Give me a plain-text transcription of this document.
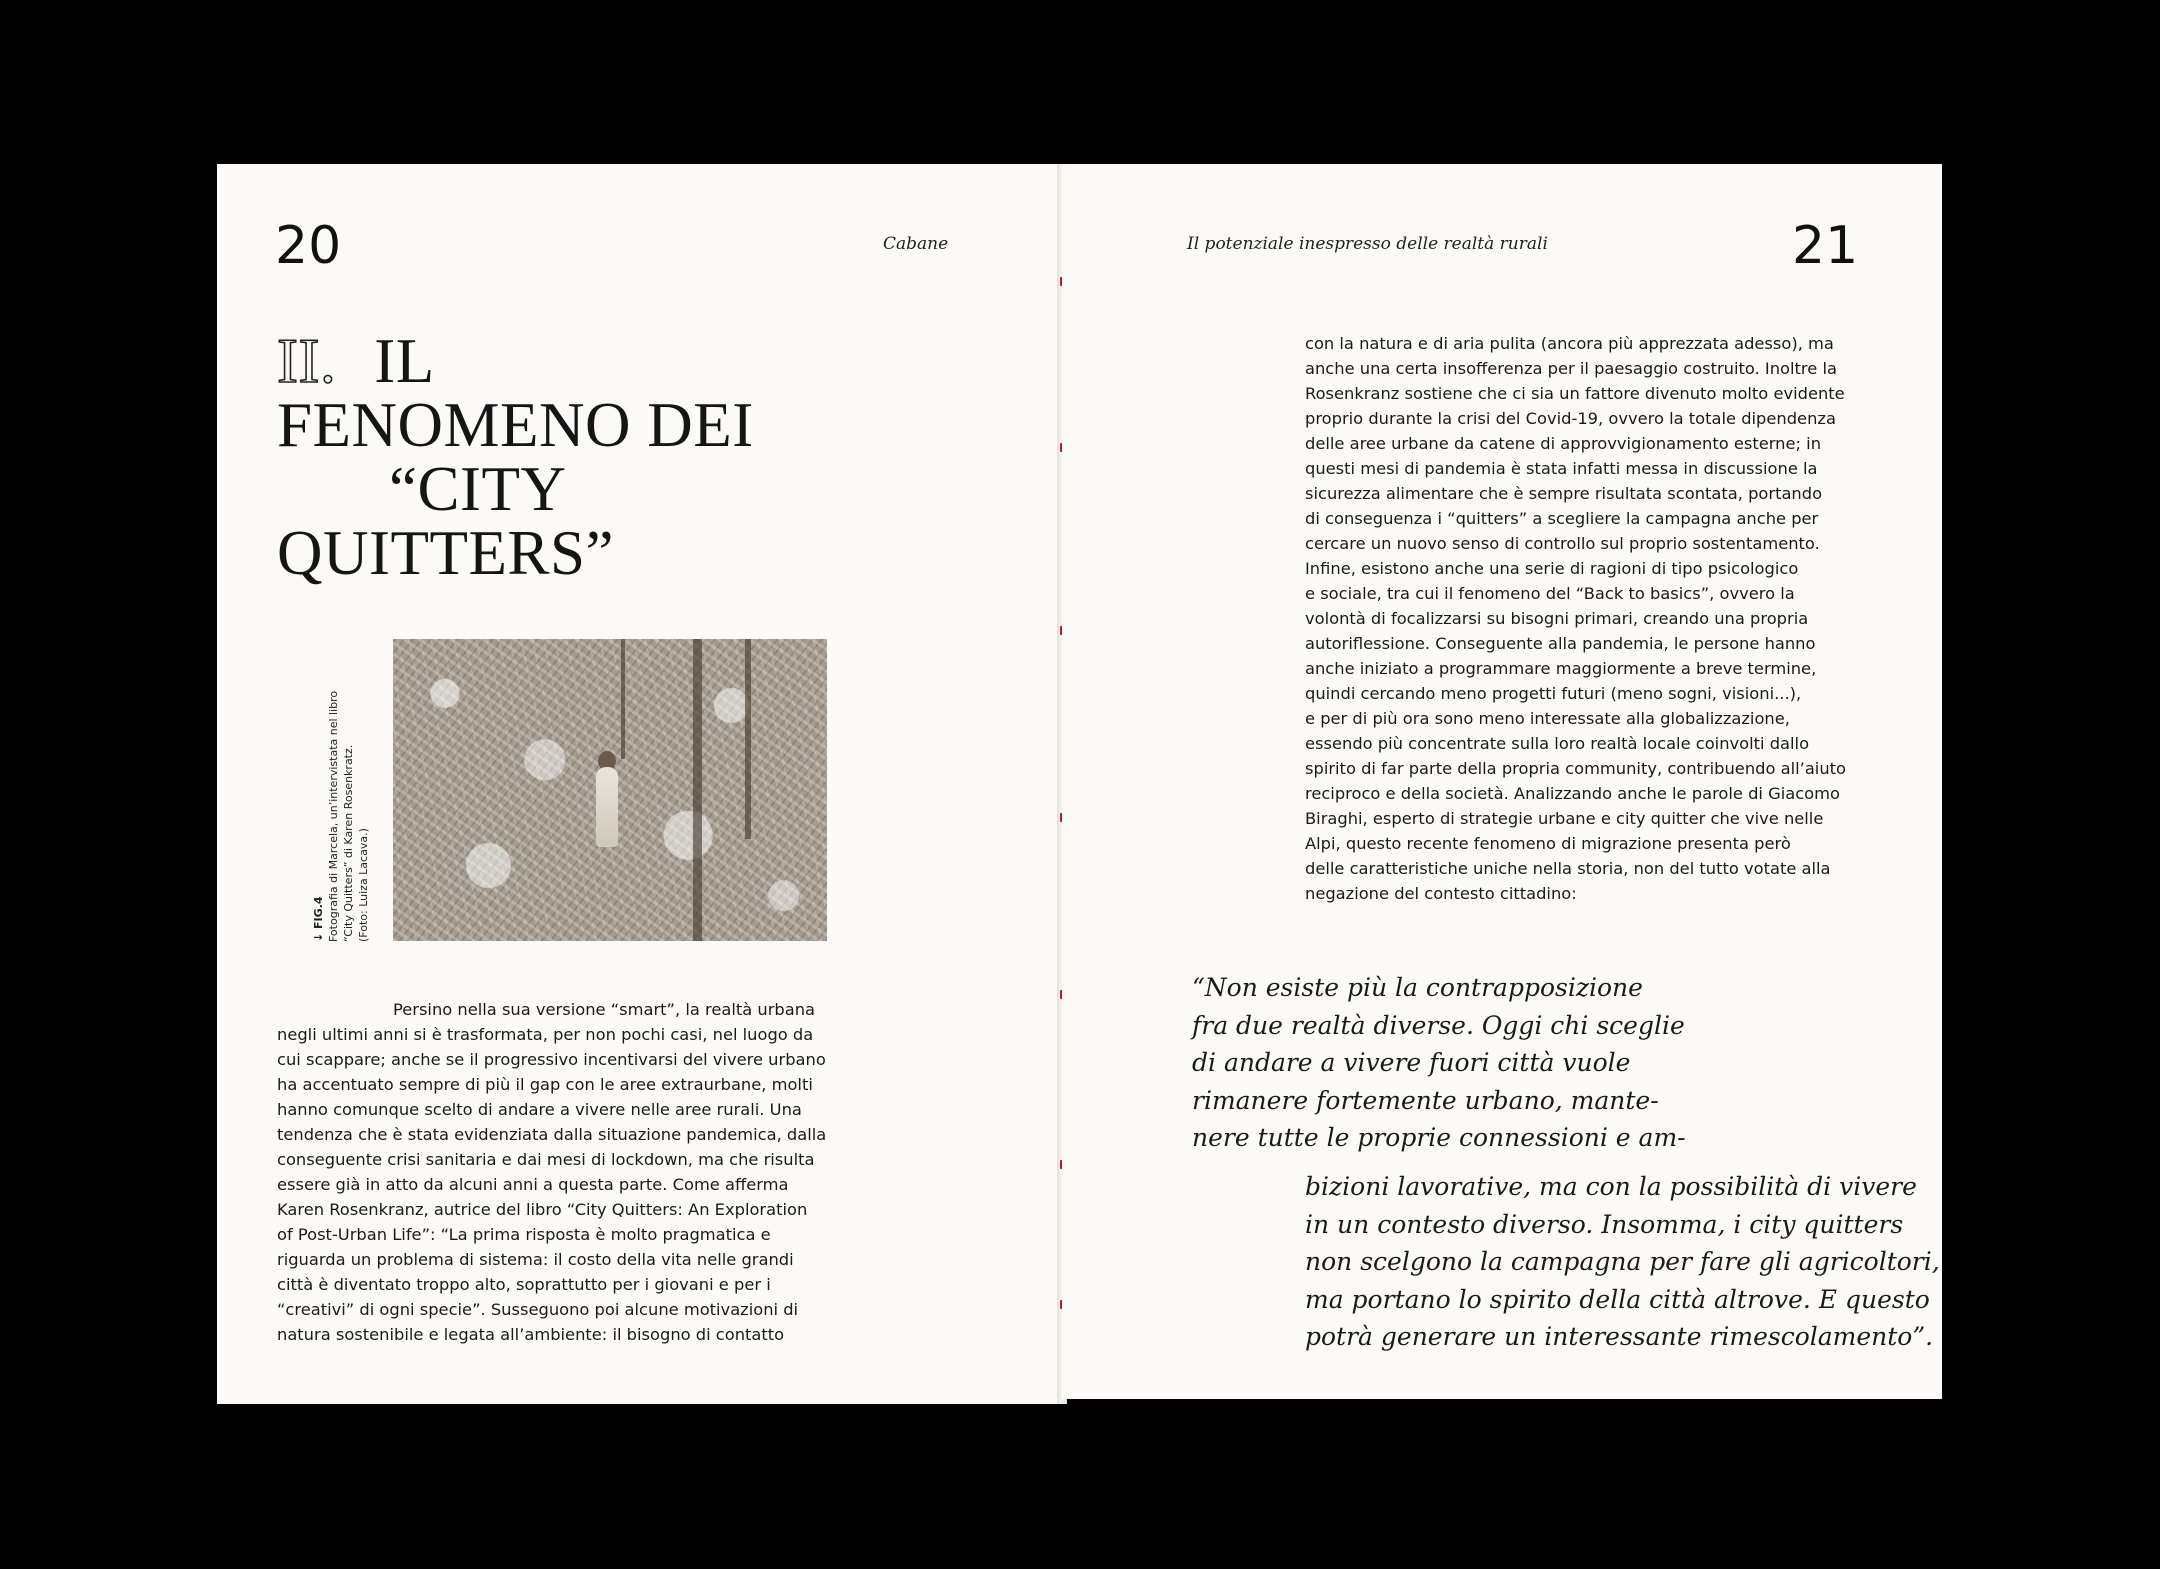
20	Cabane
II. IL
FENOMENO DEI
“CITY
QUITTERS”
↓ FIG.4 Fotografia di Marcela, un’intervistata nel libro “City Quitters” di Karen Rosenkratz. (Foto: Luiza Lacava.)

Persino nella sua versione “smart”, la realtà urbana

negli ultimi anni si è trasformata, per non pochi casi, nel luogo da

cui scappare; anche se il progressivo incentivarsi del vivere urbano

ha accentuato sempre di più il gap con le aree extraurbane, molti

hanno comunque scelto di andare a vivere nelle aree rurali. Una

tendenza che è stata evidenziata dalla situazione pandemica, dalla

conseguente crisi sanitaria e dai mesi di lockdown, ma che risulta

essere già in atto da alcuni anni a questa parte. Come afferma

Karen Rosenkranz, autrice del libro “City Quitters: An Exploration

of Post-Urban Life”: “La prima risposta è molto pragmatica e

riguarda un problema di sistema: il costo della vita nelle grandi

città è diventato troppo alto, soprattutto per i giovani e per i

“creativi” di ogni specie”. Susseguono poi alcune motivazioni di

natura sostenibile e legata all’ambiente: il bisogno di contatto

Il potenziale inespresso delle realtà rurali	21

con la natura e di aria pulita (ancora più apprezzata adesso), ma

anche una certa insofferenza per il paesaggio costruito. Inoltre la

Rosenkranz sostiene che ci sia un fattore divenuto molto evidente

proprio durante la crisi del Covid-19, ovvero la totale dipendenza

delle aree urbane da catene di approvvigionamento esterne; in

questi mesi di pandemia è stata infatti messa in discussione la

sicurezza alimentare che è sempre risultata scontata, portando

di conseguenza i “quitters” a scegliere la campagna anche per

cercare un nuovo senso di controllo sul proprio sostentamento.

Infine, esistono anche una serie di ragioni di tipo psicologico

e sociale, tra cui il fenomeno del “Back to basics”, ovvero la

volontà di focalizzarsi su bisogni primari, creando una propria

autoriflessione. Conseguente alla pandemia, le persone hanno

anche iniziato a programmare maggiormente a breve termine,

quindi cercando meno progetti futuri (meno sogni, visioni...),

e per di più ora sono meno interessate alla globalizzazione,

essendo più concentrate sulla loro realtà locale coinvolti dallo

spirito di far parte della propria community, contribuendo all’aiuto

reciproco e della società. Analizzando anche le parole di Giacomo

Biraghi, esperto di strategie urbane e city quitter che vive nelle

Alpi, questo recente fenomeno di migrazione presenta però

delle caratteristiche uniche nella storia, non del tutto votate alla

negazione del contesto cittadino:

“Non esiste più la contrapposizione

fra due realtà diverse. Oggi chi sceglie

di andare a vivere fuori città vuole

rimanere fortemente urbano, mante-

nere tutte le proprie connessioni e am-

bizioni lavorative, ma con la possibilità di vivere

in un contesto diverso. Insomma, i city quitters

non scelgono la campagna per fare gli agricoltori,

ma portano lo spirito della città altrove. E questo

potrà generare un interessante rimescolamento”.
